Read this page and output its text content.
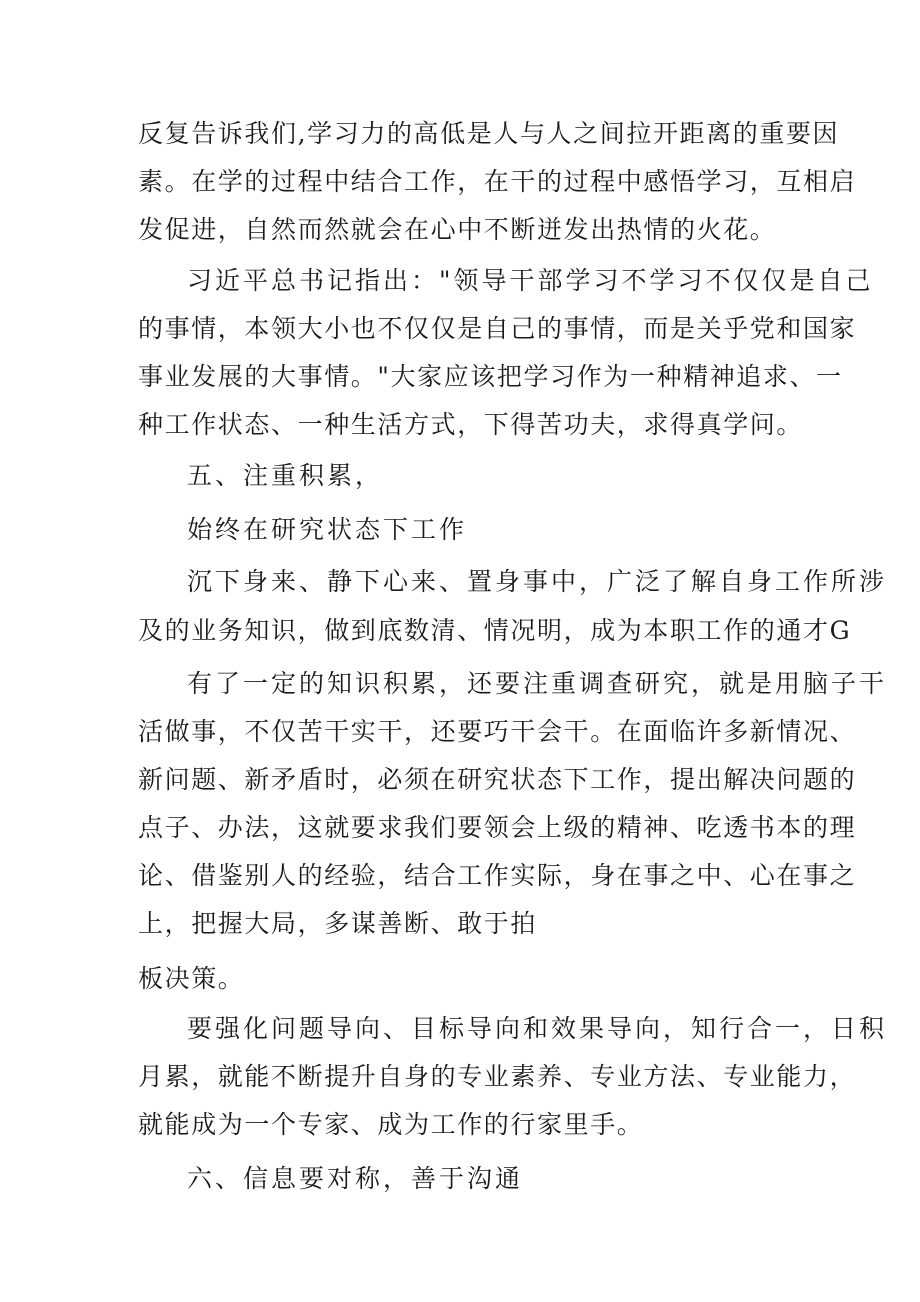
反复告诉我们,学习力的高低是人与人之间拉开距离的重要因
素。在学的过程中结合工作，在干的过程中感悟学习，互相启
发促进，自然而然就会在心中不断迸发出热情的火花。
习近平总书记指出："领导干部学习不学习不仅仅是自己
的事情，本领大小也不仅仅是自己的事情，而是关乎党和国家
事业发展的大事情。"大家应该把学习作为一种精神追求、一
种工作状态、一种生活方式，下得苦功夫，求得真学问。
五、注重积累，
始终在研究状态下工作
沉下身来、静下心来、置身事中，广泛了解自身工作所涉
及的业务知识，做到底数清、情况明，成为本职工作的通才G
有了一定的知识积累，还要注重调查研究，就是用脑子干
活做事，不仅苦干实干，还要巧干会干。在面临许多新情况、
新问题、新矛盾时，必须在研究状态下工作，提出解决问题的
点子、办法，这就要求我们要领会上级的精神、吃透书本的理
论、借鉴别人的经验，结合工作实际，身在事之中、心在事之
上，把握大局，多谋善断、敢于拍
板决策。
要强化问题导向、目标导向和效果导向，知行合一，日积
月累，就能不断提升自身的专业素养、专业方法、专业能力，
就能成为一个专家、成为工作的行家里手。
六、信息要对称，善于沟通
